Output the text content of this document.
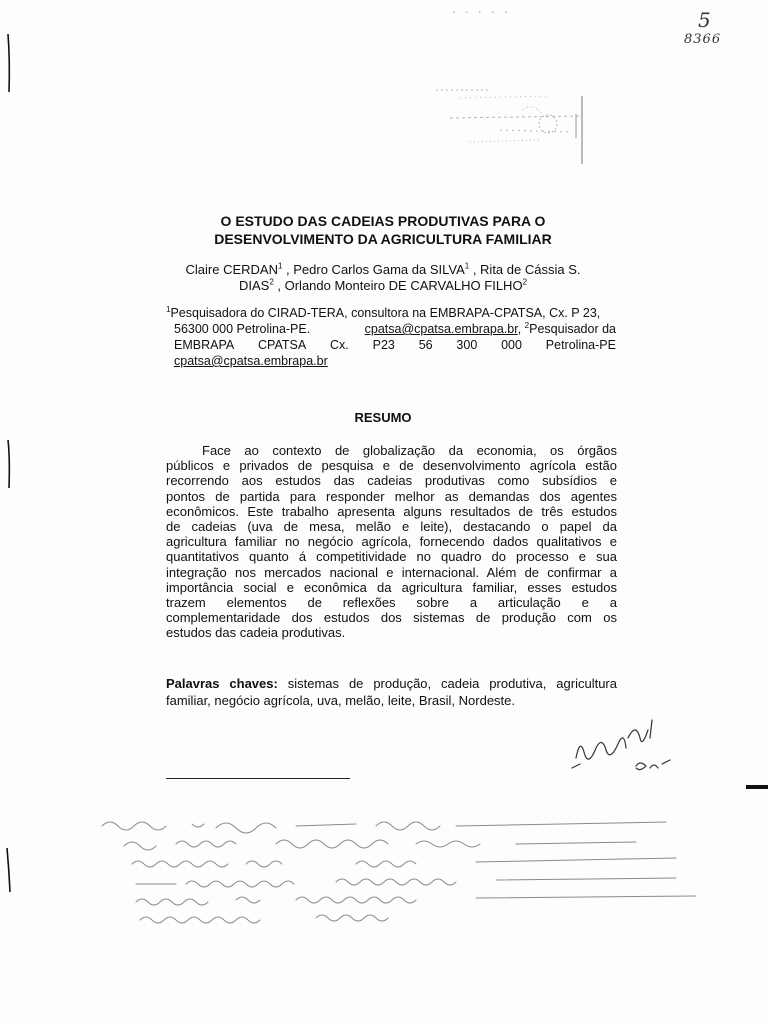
· · · · ·	5
8366
O ESTUDO DAS CADEIAS PRODUTIVAS PARA O
DESENVOLVIMENTO DA AGRICULTURA FAMILIAR
Claire CERDAN$^1$ , Pedro Carlos Gama da SILVA$^1$ , Rita de Cássia S.
DIAS$^2$ , Orlando Monteiro DE CARVALHO FILHO$^2$
$^1$Pesquisadora do CIRAD-TERA, consultora na EMBRAPA-CPATSA, Cx. P 23,
56300 000 Petrolina-PE.	cpatsa@cpatsa.embrapa.br, $^2$Pesquisador da
EMBRAPA CPATSA Cx. P23 56 300 000 Petrolina-PE
cpatsa@cpatsa.embrapa.br
RESUMO
Face ao contexto de globalização da economia, os órgãos
públicos e privados de pesquisa e de desenvolvimento agrícola estão
recorrendo aos estudos das cadeias produtivas como subsídios e
pontos de partida para responder melhor as demandas dos agentes
econômicos. Este trabalho apresenta alguns resultados de três estudos
de cadeias (uva de mesa, melão e leite), destacando o papel da
agricultura familiar no negócio agrícola, fornecendo dados qualitativos e
quantitativos quanto á competitividade no quadro do processo e sua
integração nos mercados nacional e internacional. Além de confirmar a
importância social e econômica da agricultura familiar, esses estudos
trazem elementos de reflexões sobre a articulação e a
complementaridade dos estudos dos sistemas de produção com os
estudos das cadeia produtivas.
Palavras chaves: sistemas de produção, cadeia produtiva, agricultura
familiar, negócio agrícola, uva, melão, leite, Brasil, Nordeste.
